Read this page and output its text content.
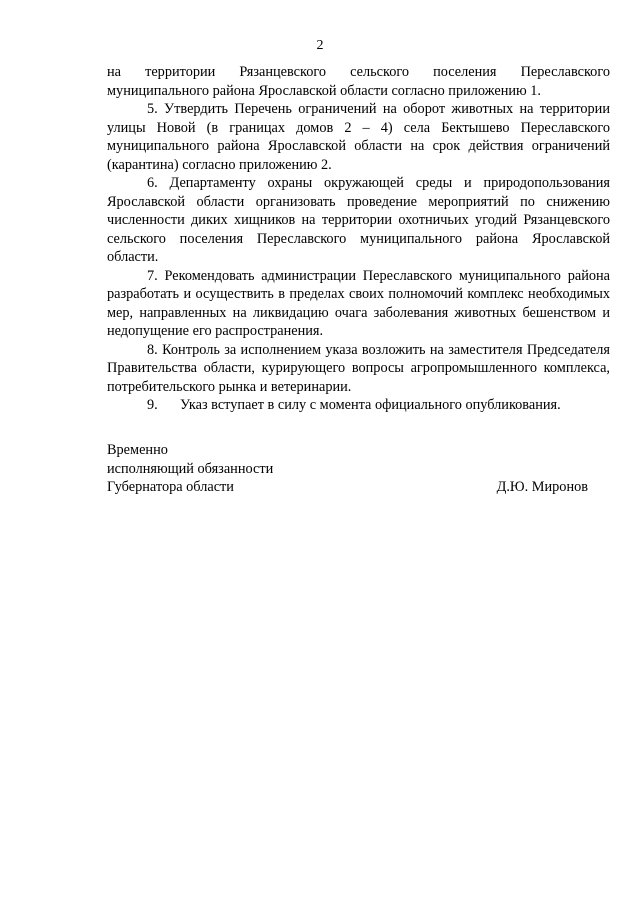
2

на территории Рязанцевского сельского поселения Переславского муниципального района Ярославской области согласно приложению 1.

5. Утвердить Перечень ограничений на оборот животных на территории улицы Новой (в границах домов 2 – 4) села Бектышево Переславского муниципального района Ярославской области на срок действия ограничений (карантина) согласно приложению 2.

6. Департаменту охраны окружающей среды и природопользования Ярославской области организовать проведение мероприятий по снижению численности диких хищников на территории охотничьих угодий Рязанцевского сельского поселения Переславского муниципального района Ярославской области.

7. Рекомендовать администрации Переславского муниципального района разработать и осуществить в пределах своих полномочий комплекс необходимых мер, направленных на ликвидацию очага заболевания животных бешенством и недопущение его распространения.

8. Контроль за исполнением указа возложить на заместителя Председателя Правительства области, курирующего вопросы агропромышленного комплекса, потребительского рынка и ветеринарии.

9. Указ вступает в силу с момента официального опубликования.

Временно
исполняющий обязанности
Губернатора области	Д.Ю. Миронов
